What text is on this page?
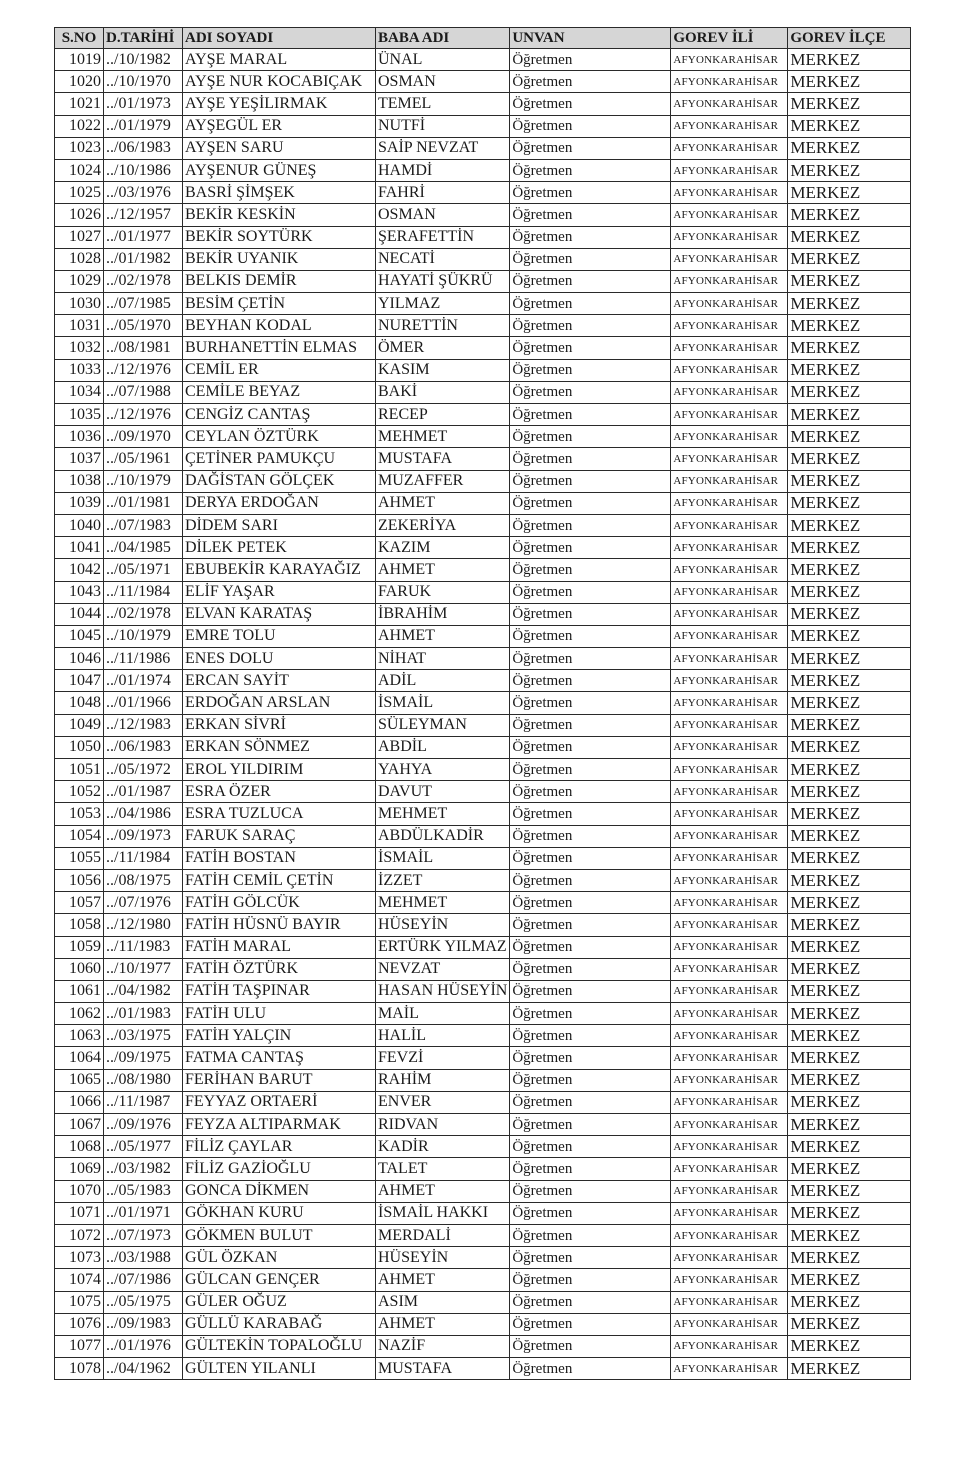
S.NO	D.TARİHİ	ADI SOYADI	BABA ADI	UNVAN	GOREV İLİ	GOREV İLÇE
1019	../10/1982	AYŞE MARAL	ÜNAL	Öğretmen	AFYONKARAHİSAR	MERKEZ
1020	../10/1970	AYŞE NUR KOCABIÇAK	OSMAN	Öğretmen	AFYONKARAHİSAR	MERKEZ
1021	../01/1973	AYŞE YEŞİLIRMAK	TEMEL	Öğretmen	AFYONKARAHİSAR	MERKEZ
1022	../01/1979	AYŞEGÜL ER	NUTFİ	Öğretmen	AFYONKARAHİSAR	MERKEZ
1023	../06/1983	AYŞEN SARU	SAİP NEVZAT	Öğretmen	AFYONKARAHİSAR	MERKEZ
1024	../10/1986	AYŞENUR GÜNEŞ	HAMDİ	Öğretmen	AFYONKARAHİSAR	MERKEZ
1025	../03/1976	BASRİ ŞİMŞEK	FAHRİ	Öğretmen	AFYONKARAHİSAR	MERKEZ
1026	../12/1957	BEKİR KESKİN	OSMAN	Öğretmen	AFYONKARAHİSAR	MERKEZ
1027	../01/1977	BEKİR SOYTÜRK	ŞERAFETTİN	Öğretmen	AFYONKARAHİSAR	MERKEZ
1028	../01/1982	BEKİR UYANIK	NECATİ	Öğretmen	AFYONKARAHİSAR	MERKEZ
1029	../02/1978	BELKIS DEMİR	HAYATİ ŞÜKRÜ	Öğretmen	AFYONKARAHİSAR	MERKEZ
1030	../07/1985	BESİM ÇETİN	YILMAZ	Öğretmen	AFYONKARAHİSAR	MERKEZ
1031	../05/1970	BEYHAN KODAL	NURETTİN	Öğretmen	AFYONKARAHİSAR	MERKEZ
1032	../08/1981	BURHANETTİN ELMAS	ÖMER	Öğretmen	AFYONKARAHİSAR	MERKEZ
1033	../12/1976	CEMİL ER	KASIM	Öğretmen	AFYONKARAHİSAR	MERKEZ
1034	../07/1988	CEMİLE BEYAZ	BAKİ	Öğretmen	AFYONKARAHİSAR	MERKEZ
1035	../12/1976	CENGİZ CANTAŞ	RECEP	Öğretmen	AFYONKARAHİSAR	MERKEZ
1036	../09/1970	CEYLAN ÖZTÜRK	MEHMET	Öğretmen	AFYONKARAHİSAR	MERKEZ
1037	../05/1961	ÇETİNER PAMUKÇU	MUSTAFA	Öğretmen	AFYONKARAHİSAR	MERKEZ
1038	../10/1979	DAĞİSTAN GÖLÇEK	MUZAFFER	Öğretmen	AFYONKARAHİSAR	MERKEZ
1039	../01/1981	DERYA ERDOĞAN	AHMET	Öğretmen	AFYONKARAHİSAR	MERKEZ
1040	../07/1983	DİDEM SARI	ZEKERİYA	Öğretmen	AFYONKARAHİSAR	MERKEZ
1041	../04/1985	DİLEK PETEK	KAZIM	Öğretmen	AFYONKARAHİSAR	MERKEZ
1042	../05/1971	EBUBEKİR KARAYAĞIZ	AHMET	Öğretmen	AFYONKARAHİSAR	MERKEZ
1043	../11/1984	ELİF YAŞAR	FARUK	Öğretmen	AFYONKARAHİSAR	MERKEZ
1044	../02/1978	ELVAN KARATAŞ	İBRAHİM	Öğretmen	AFYONKARAHİSAR	MERKEZ
1045	../10/1979	EMRE TOLU	AHMET	Öğretmen	AFYONKARAHİSAR	MERKEZ
1046	../11/1986	ENES DOLU	NİHAT	Öğretmen	AFYONKARAHİSAR	MERKEZ
1047	../01/1974	ERCAN SAYİT	ADİL	Öğretmen	AFYONKARAHİSAR	MERKEZ
1048	../01/1966	ERDOĞAN ARSLAN	İSMAİL	Öğretmen	AFYONKARAHİSAR	MERKEZ
1049	../12/1983	ERKAN SİVRİ	SÜLEYMAN	Öğretmen	AFYONKARAHİSAR	MERKEZ
1050	../06/1983	ERKAN SÖNMEZ	ABDİL	Öğretmen	AFYONKARAHİSAR	MERKEZ
1051	../05/1972	EROL YILDIRIM	YAHYA	Öğretmen	AFYONKARAHİSAR	MERKEZ
1052	../01/1987	ESRA ÖZER	DAVUT	Öğretmen	AFYONKARAHİSAR	MERKEZ
1053	../04/1986	ESRA TUZLUCA	MEHMET	Öğretmen	AFYONKARAHİSAR	MERKEZ
1054	../09/1973	FARUK SARAÇ	ABDÜLKADİR	Öğretmen	AFYONKARAHİSAR	MERKEZ
1055	../11/1984	FATİH BOSTAN	İSMAİL	Öğretmen	AFYONKARAHİSAR	MERKEZ
1056	../08/1975	FATİH CEMİL ÇETİN	İZZET	Öğretmen	AFYONKARAHİSAR	MERKEZ
1057	../07/1976	FATİH GÖLCÜK	MEHMET	Öğretmen	AFYONKARAHİSAR	MERKEZ
1058	../12/1980	FATİH HÜSNÜ BAYIR	HÜSEYİN	Öğretmen	AFYONKARAHİSAR	MERKEZ
1059	../11/1983	FATİH MARAL	ERTÜRK YILMAZ	Öğretmen	AFYONKARAHİSAR	MERKEZ
1060	../10/1977	FATİH ÖZTÜRK	NEVZAT	Öğretmen	AFYONKARAHİSAR	MERKEZ
1061	../04/1982	FATİH TAŞPINAR	HASAN HÜSEYİN	Öğretmen	AFYONKARAHİSAR	MERKEZ
1062	../01/1983	FATİH ULU	MAİL	Öğretmen	AFYONKARAHİSAR	MERKEZ
1063	../03/1975	FATİH YALÇIN	HALİL	Öğretmen	AFYONKARAHİSAR	MERKEZ
1064	../09/1975	FATMA CANTAŞ	FEVZİ	Öğretmen	AFYONKARAHİSAR	MERKEZ
1065	../08/1980	FERİHAN BARUT	RAHİM	Öğretmen	AFYONKARAHİSAR	MERKEZ
1066	../11/1987	FEYYAZ ORTAERİ	ENVER	Öğretmen	AFYONKARAHİSAR	MERKEZ
1067	../09/1976	FEYZA ALTIPARMAK	RIDVAN	Öğretmen	AFYONKARAHİSAR	MERKEZ
1068	../05/1977	FİLİZ ÇAYLAR	KADİR	Öğretmen	AFYONKARAHİSAR	MERKEZ
1069	../03/1982	FİLİZ GAZİOĞLU	TALET	Öğretmen	AFYONKARAHİSAR	MERKEZ
1070	../05/1983	GONCA DİKMEN	AHMET	Öğretmen	AFYONKARAHİSAR	MERKEZ
1071	../01/1971	GÖKHAN KURU	İSMAİL HAKKI	Öğretmen	AFYONKARAHİSAR	MERKEZ
1072	../07/1973	GÖKMEN BULUT	MERDALİ	Öğretmen	AFYONKARAHİSAR	MERKEZ
1073	../03/1988	GÜL ÖZKAN	HÜSEYİN	Öğretmen	AFYONKARAHİSAR	MERKEZ
1074	../07/1986	GÜLCAN GENÇER	AHMET	Öğretmen	AFYONKARAHİSAR	MERKEZ
1075	../05/1975	GÜLER OĞUZ	ASIM	Öğretmen	AFYONKARAHİSAR	MERKEZ
1076	../09/1983	GÜLLÜ KARABAĞ	AHMET	Öğretmen	AFYONKARAHİSAR	MERKEZ
1077	../01/1976	GÜLTEKİN TOPALOĞLU	NAZİF	Öğretmen	AFYONKARAHİSAR	MERKEZ
1078	../04/1962	GÜLTEN YILANLI	MUSTAFA	Öğretmen	AFYONKARAHİSAR	MERKEZ
